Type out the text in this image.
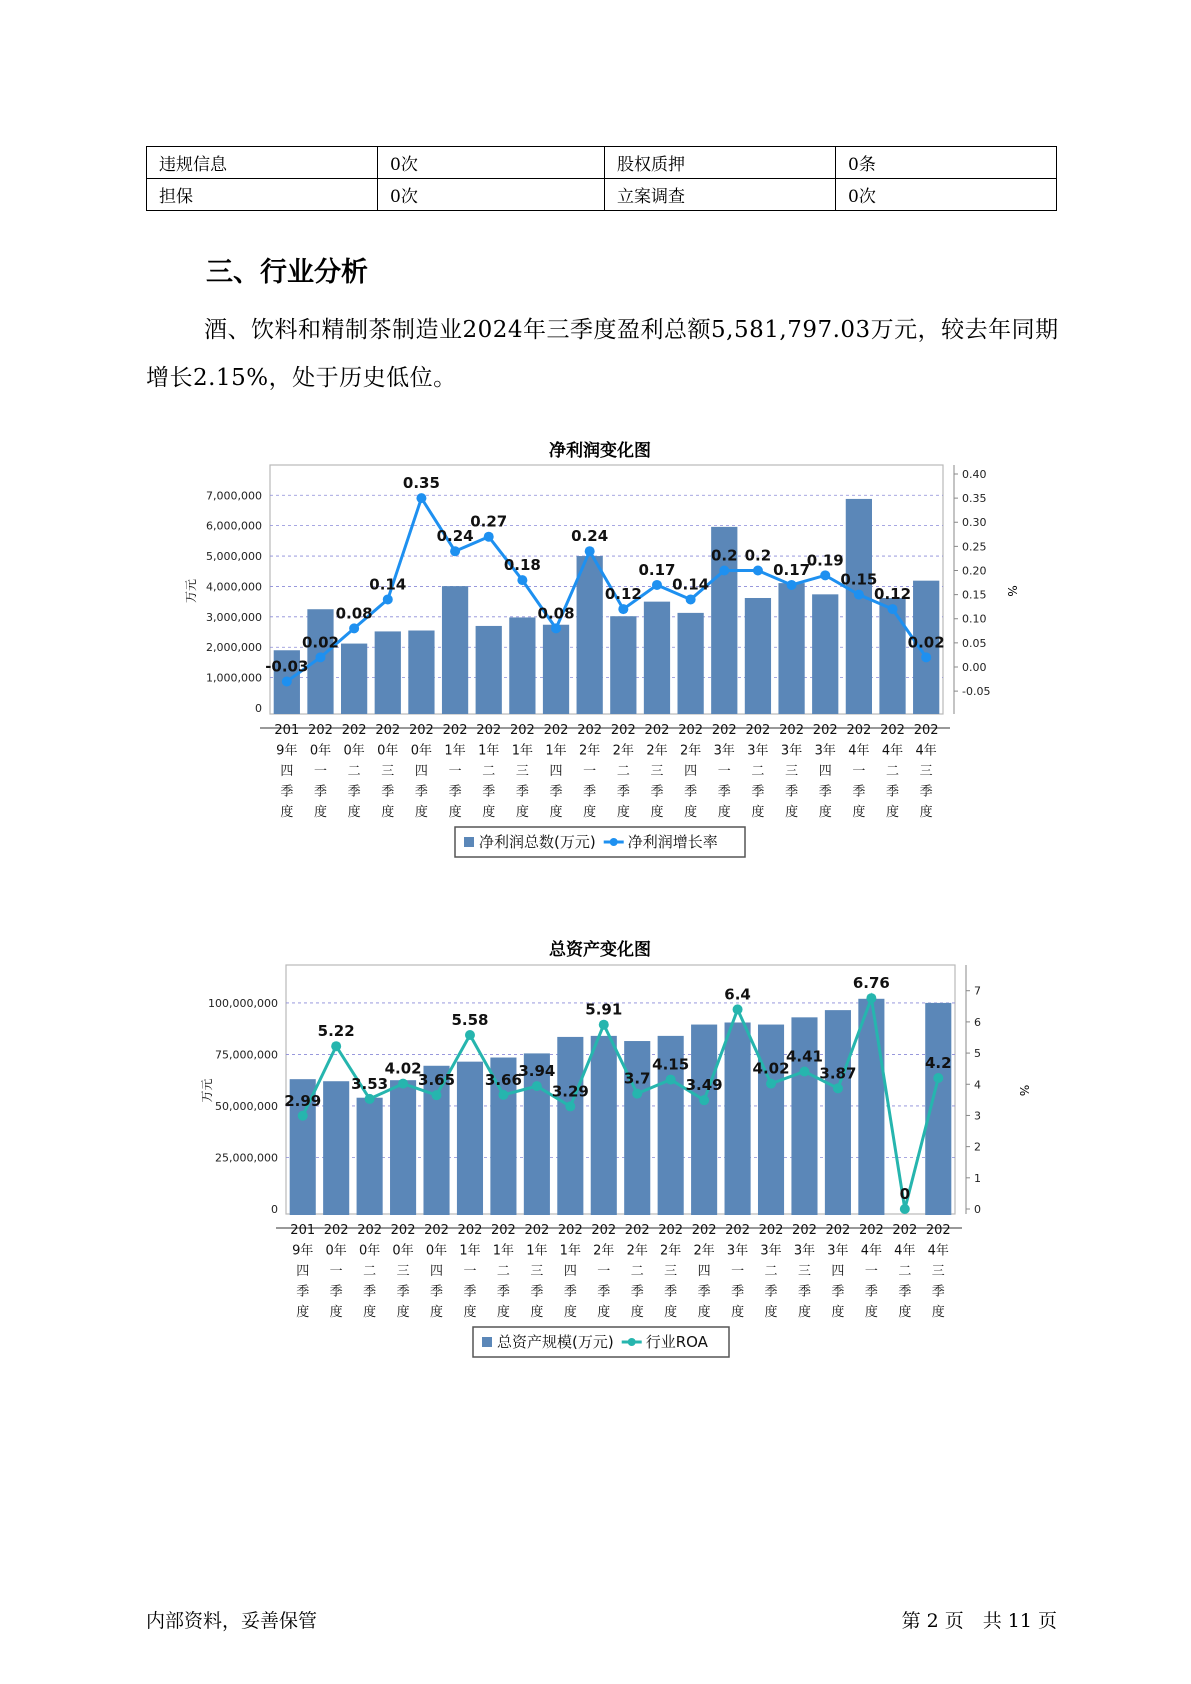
违规信息	0次	股权质押	0条
担保	0次	立案调查	0次
三、行业分析

酒、饮料和精制茶制造业2024年三季度盈利总额5,581,797.03万元，较去年同期增长2.15%，处于历史低位。

净利润变化图
0
1,000,000
2,000,000
3,000,000
4,000,000
5,000,000
6,000,000
7,000,000
万元
-0.05
0.00
0.05
0.10
0.15
0.20
0.25
0.30
0.35
0.40
%
-0.03
0.02
0.08
0.14
0.35
0.24
0.27
0.18
0.08
0.24
0.12
0.17
0.14
0.2 0.2
0.17
0.19
0.15
0.12
0.02
201
9年
四
季
度
202
0年
一
季
度
202
0年
二
季
度
202
0年
三
季
度
202
0年
四
季
度
202
1年
一
季
度
202
1年
二
季
度
202
1年
三
季
度
202
1年
四
季
度
202
2年
一
季
度
202
2年
二
季
度
202
2年
三
季
度
202
2年
四
季
度
202
3年
一
季
度
202
3年
二
季
度
202
3年
三
季
度
202
3年
四
季
度
202
4年
一
季
度
202
4年
二
季
度
202
4年
三
季
度
净利润总数(万元) 净利润增长率
总资产变化图
0
25,000,000
50,000,000
75,000,000
100,000,000
万元
0
1
2
3
4
5
6
7
%
2.99
5.22
3.53
4.02
3.65
5.58
3.66
3.94
3.29
5.91
3.7
4.15
3.49
6.4
4.02
4.41
3.87
6.76
0
4.2
201
9年
四
季
度
202
0年
一
季
度
202
0年
二
季
度
202
0年
三
季
度
202
0年
四
季
度
202
1年
一
季
度
202
1年
二
季
度
202
1年
三
季
度
202
1年
四
季
度
202
2年
一
季
度
202
2年
二
季
度
202
2年
三
季
度
202
2年
四
季
度
202
3年
一
季
度
202
3年
二
季
度
202
3年
三
季
度
202
3年
四
季
度
202
4年
一
季
度
202
4年
二
季
度
202
4年
三
季
度
总资产规模(万元) 行业ROA
内部资料，妥善保管	第 2 页　共 11 页
